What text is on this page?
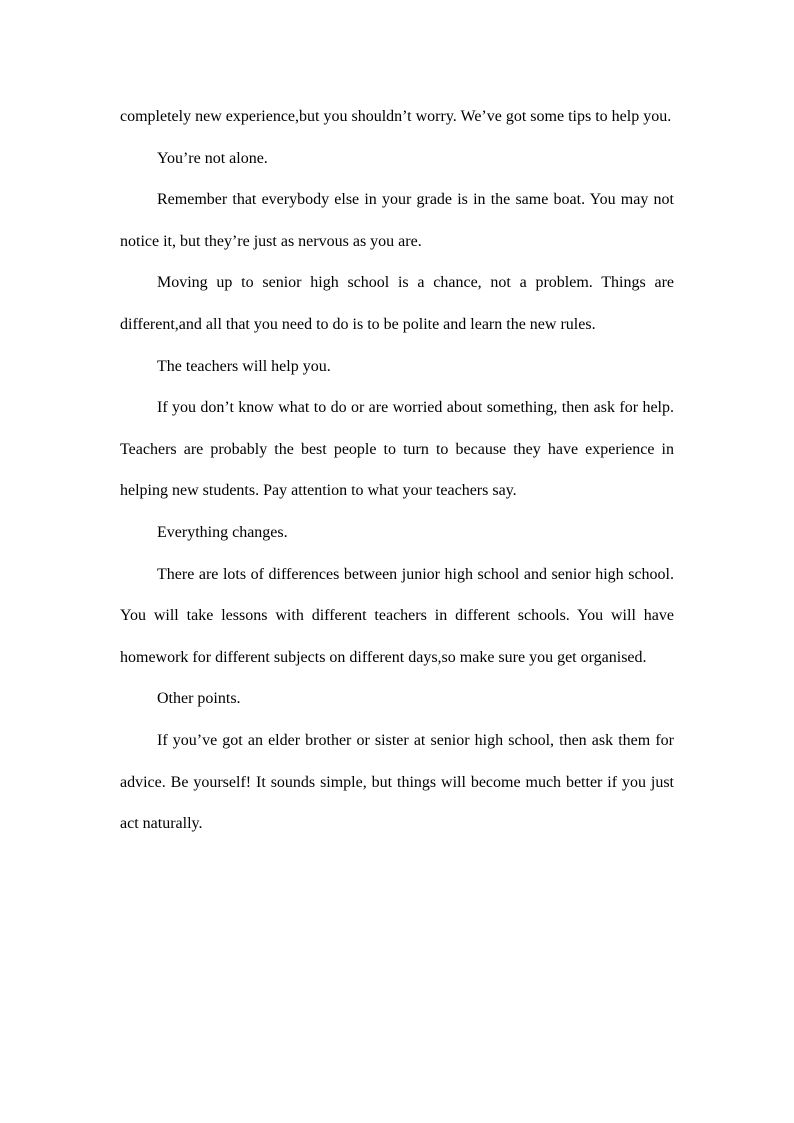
completely new experience,but you shouldn’t worry. We’ve got some tips to help you.

You’re not alone.

Remember that everybody else in your grade is in the same boat. You may not notice it, but they’re just as nervous as you are.

Moving up to senior high school is a chance, not a problem. Things are different,and all that you need to do is to be polite and learn the new rules.

The teachers will help you.

If you don’t know what to do or are worried about something, then ask for help. Teachers are probably the best people to turn to because they have experience in helping new students. Pay attention to what your teachers say.

Everything changes.

There are lots of differences between junior high school and senior high school. You will take lessons with different teachers in different schools. You will have homework for different subjects on different days,so make sure you get organised.

Other points.

If you’ve got an elder brother or sister at senior high school, then ask them for advice. Be yourself! It sounds simple, but things will become much better if you just act naturally.
